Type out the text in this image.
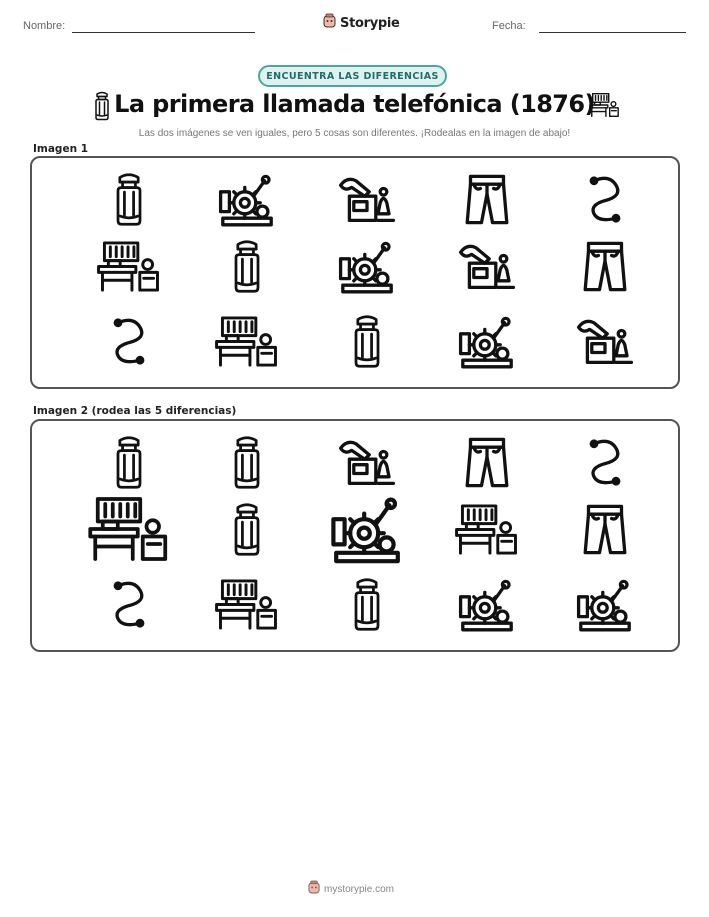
Nombre:	Storypie	Fecha:
ENCUENTRA LAS DIFERENCIAS
La primera llamada telefónica (1876)
Las dos imágenes se ven iguales, pero 5 cosas son diferentes. ¡Rodealas en la imagen de abajo!
Imagen 1
Imagen 2 (rodea las 5 diferencias)
mystorypie.com
